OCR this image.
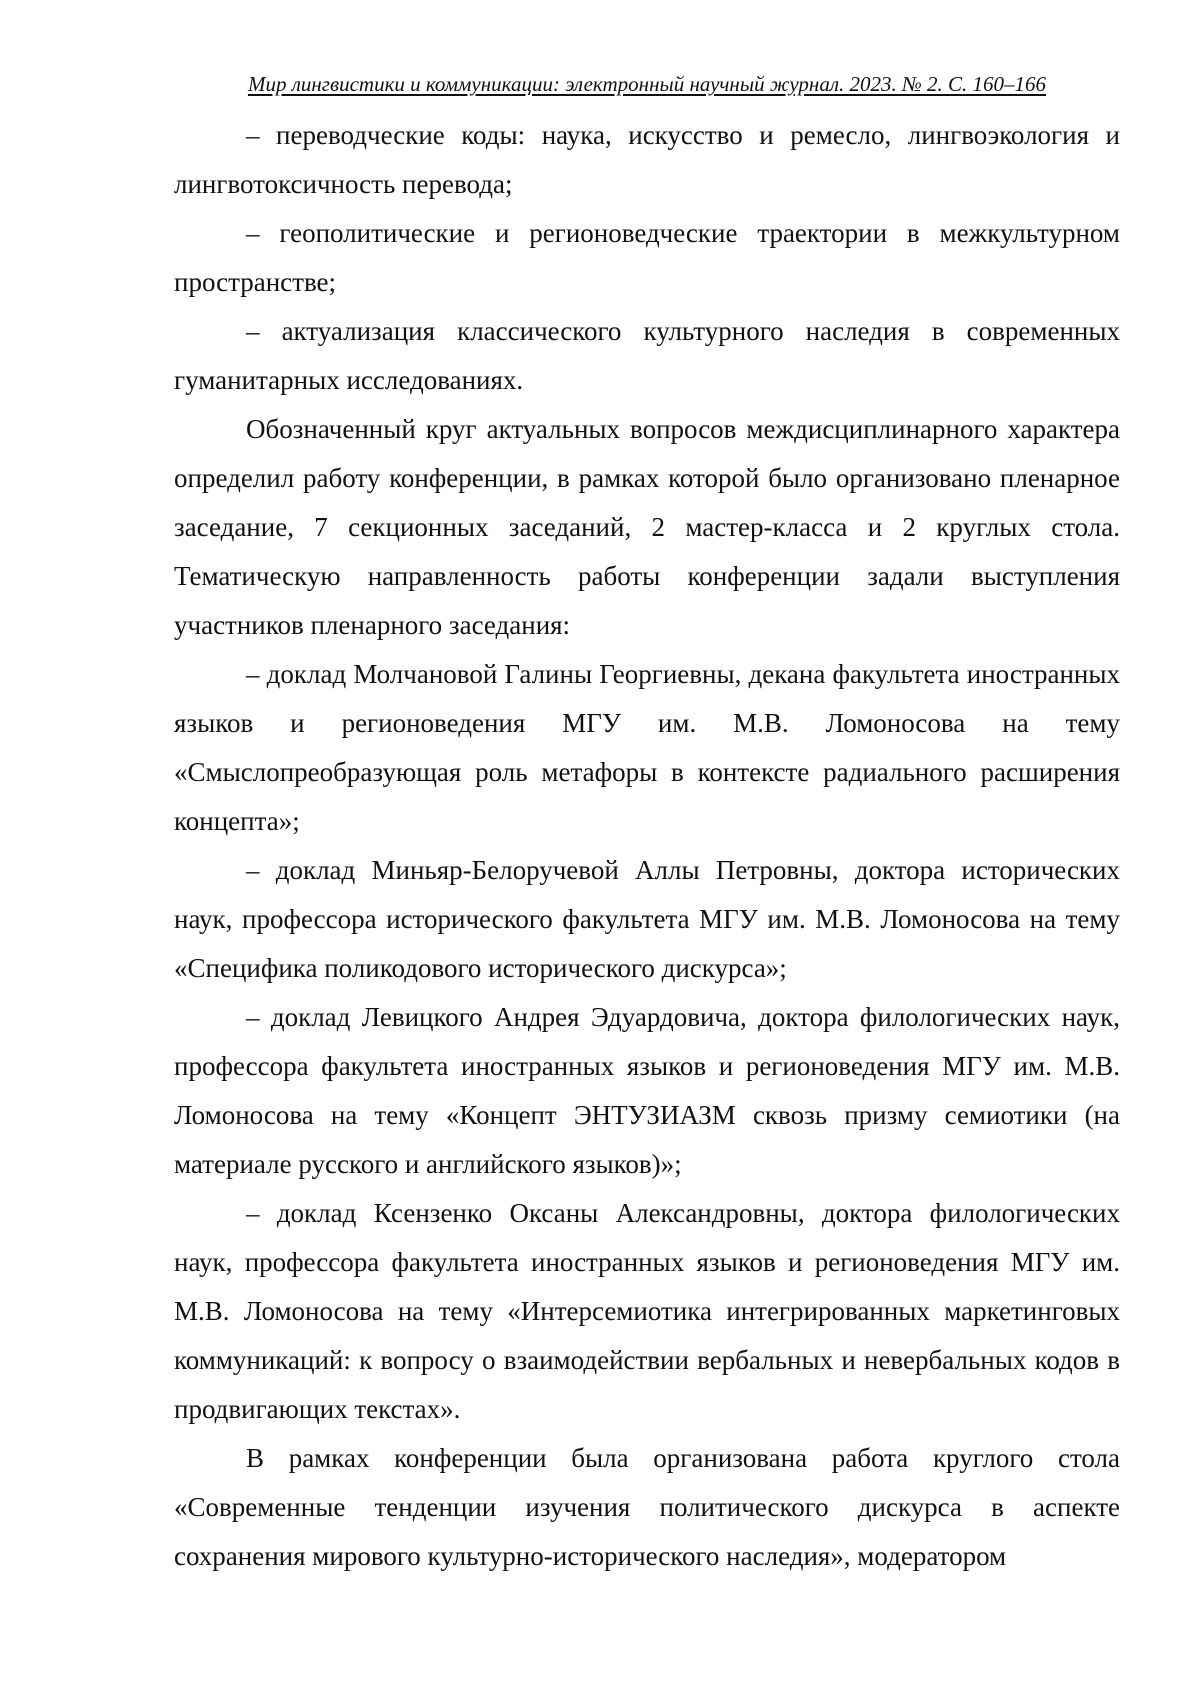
Мир лингвистики и коммуникации: электронный научный журнал. 2023. № 2. С. 160–166

– переводческие коды: наука, искусство и ремесло, лингвоэкология и лингвотоксичность перевода;

– геополитические и регионоведческие траектории в межкультурном пространстве;

– актуализация классического культурного наследия в современных гуманитарных исследованиях.

Обозначенный круг актуальных вопросов междисциплинарного характера определил работу конференции, в рамках которой было организовано пленарное заседание, 7 секционных заседаний, 2 мастер-класса и 2 круглых стола. Тематическую направленность работы конференции задали выступления участников пленарного заседания:

– доклад Молчановой Галины Георгиевны, декана факультета иностранных языков и регионоведения МГУ им. М.В. Ломоносова на тему «Смыслопреобразующая роль метафоры в контексте радиального расширения концепта»;

– доклад Миньяр-Белоручевой Аллы Петровны, доктора исторических наук, профессора исторического факультета МГУ им. М.В. Ломоносова на тему «Специфика поликодового исторического дискурса»;

– доклад Левицкого Андрея Эдуардовича, доктора филологических наук, профессора факультета иностранных языков и регионоведения МГУ им. М.В. Ломоносова на тему «Концепт ЭНТУЗИАЗМ сквозь призму семиотики (на материале русского и английского языков)»;

– доклад Ксензенко Оксаны Александровны, доктора филологических наук, профессора факультета иностранных языков и регионоведения МГУ им. М.В. Ломоносова на тему «Интерсемиотика интегрированных маркетинговых коммуникаций: к вопросу о взаимодействии вербальных и невербальных кодов в продвигающих текстах».

В рамках конференции была организована работа круглого стола «Современные тенденции изучения политического дискурса в аспекте сохранения мирового культурно-исторического наследия», модератором
